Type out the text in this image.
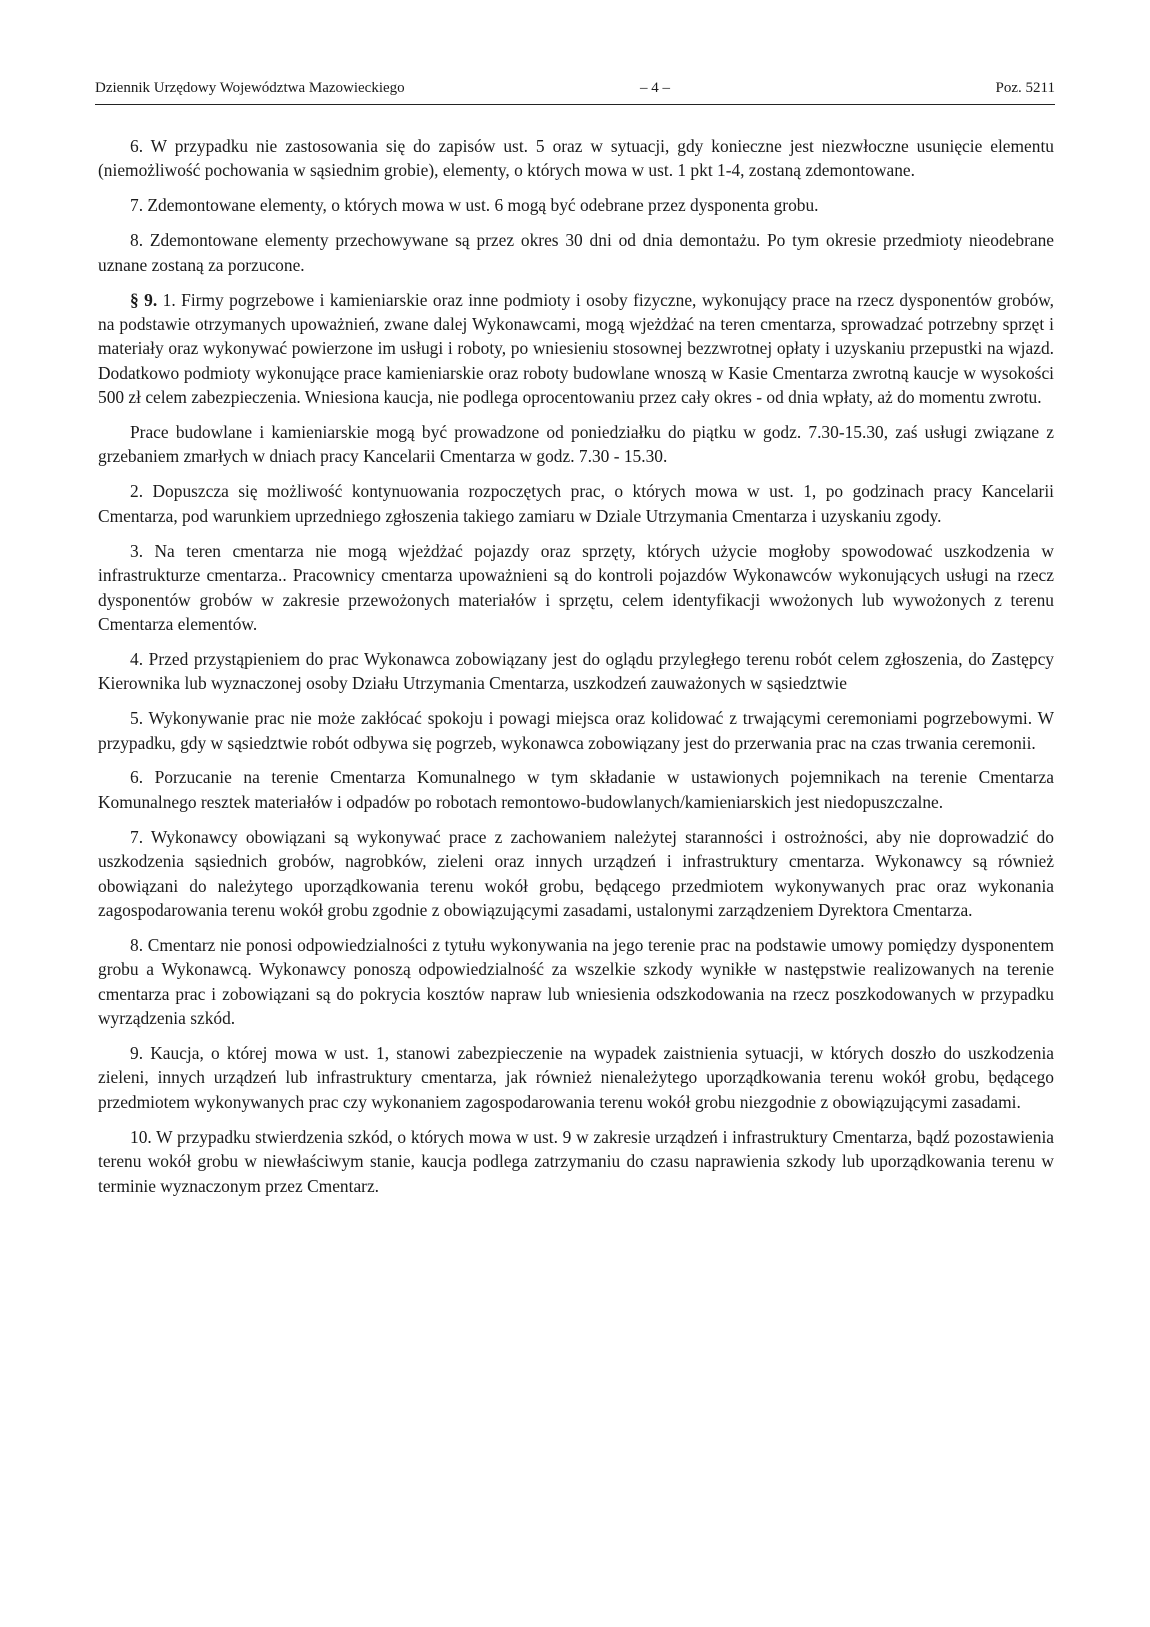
Dziennik Urzędowy Województwa Mazowieckiego	– 4 –	Poz. 5211

6. W przypadku nie zastosowania się do zapisów ust. 5 oraz w sytuacji, gdy konieczne jest niezwłoczne usunięcie elementu (niemożliwość pochowania w sąsiednim grobie), elementy, o których mowa w ust. 1 pkt 1-4, zostaną zdemontowane.

7. Zdemontowane elementy, o których mowa w ust. 6 mogą być odebrane przez dysponenta grobu.

8. Zdemontowane elementy przechowywane są przez okres 30 dni od dnia demontażu. Po tym okresie przedmioty nieodebrane uznane zostaną za porzucone.

§ 9. 1. Firmy pogrzebowe i kamieniarskie oraz inne podmioty i osoby fizyczne, wykonujący prace na rzecz dysponentów grobów, na podstawie otrzymanych upoważnień, zwane dalej Wykonawcami, mogą wjeżdżać na teren cmentarza, sprowadzać potrzebny sprzęt i materiały oraz wykonywać powierzone im usługi i roboty, po wniesieniu stosownej bezzwrotnej opłaty i uzyskaniu przepustki na wjazd. Dodatkowo podmioty wykonujące prace kamieniarskie oraz roboty budowlane wnoszą w Kasie Cmentarza zwrotną kaucje w wysokości 500 zł celem zabezpieczenia. Wniesiona kaucja, nie podlega oprocentowaniu przez cały okres - od dnia wpłaty, aż do momentu zwrotu.

Prace budowlane i kamieniarskie mogą być prowadzone od poniedziałku do piątku w godz. 7.30-15.30, zaś usługi związane z grzebaniem zmarłych w dniach pracy Kancelarii Cmentarza w godz. 7.30 - 15.30.

2. Dopuszcza się możliwość kontynuowania rozpoczętych prac, o których mowa w ust. 1, po godzinach pracy Kancelarii Cmentarza, pod warunkiem uprzedniego zgłoszenia takiego zamiaru w Dziale Utrzymania Cmentarza i uzyskaniu zgody.

3. Na teren cmentarza nie mogą wjeżdżać pojazdy oraz sprzęty, których użycie mogłoby spowodować uszkodzenia w infrastrukturze cmentarza.. Pracownicy cmentarza upoważnieni są do kontroli pojazdów Wykonawców wykonujących usługi na rzecz dysponentów grobów w zakresie przewożonych materiałów i sprzętu, celem identyfikacji wwożonych lub wywożonych z terenu Cmentarza elementów.

4. Przed przystąpieniem do prac Wykonawca zobowiązany jest do oglądu przyległego terenu robót celem zgłoszenia, do Zastępcy Kierownika lub wyznaczonej osoby Działu Utrzymania Cmentarza, uszkodzeń zauważonych w sąsiedztwie

5. Wykonywanie prac nie może zakłócać spokoju i powagi miejsca oraz kolidować z trwającymi ceremoniami pogrzebowymi. W przypadku, gdy w sąsiedztwie robót odbywa się pogrzeb, wykonawca zobowiązany jest do przerwania prac na czas trwania ceremonii.

6. Porzucanie na terenie Cmentarza Komunalnego w tym składanie w ustawionych pojemnikach na terenie Cmentarza Komunalnego resztek materiałów i odpadów po robotach remontowo-budowlanych/kamieniarskich jest niedopuszczalne.

7. Wykonawcy obowiązani są wykonywać prace z zachowaniem należytej staranności i ostrożności, aby nie doprowadzić do uszkodzenia sąsiednich grobów, nagrobków, zieleni oraz innych urządzeń i infrastruktury cmentarza. Wykonawcy są również obowiązani do należytego uporządkowania terenu wokół grobu, będącego przedmiotem wykonywanych prac oraz wykonania zagospodarowania terenu wokół grobu zgodnie z obowiązującymi zasadami, ustalonymi zarządzeniem Dyrektora Cmentarza.

8. Cmentarz nie ponosi odpowiedzialności z tytułu wykonywania na jego terenie prac na podstawie umowy pomiędzy dysponentem grobu a Wykonawcą. Wykonawcy ponoszą odpowiedzialność za wszelkie szkody wynikłe w następstwie realizowanych na terenie cmentarza prac i zobowiązani są do pokrycia kosztów napraw lub wniesienia odszkodowania na rzecz poszkodowanych w przypadku wyrządzenia szkód.

9. Kaucja, o której mowa w ust. 1, stanowi zabezpieczenie na wypadek zaistnienia sytuacji, w których doszło do uszkodzenia zieleni, innych urządzeń lub infrastruktury cmentarza, jak również nienależytego uporządkowania terenu wokół grobu, będącego przedmiotem wykonywanych prac czy wykonaniem zagospodarowania terenu wokół grobu niezgodnie z obowiązującymi zasadami.

10. W przypadku stwierdzenia szkód, o których mowa w ust. 9 w zakresie urządzeń i infrastruktury Cmentarza, bądź pozostawienia terenu wokół grobu w niewłaściwym stanie, kaucja podlega zatrzymaniu do czasu naprawienia szkody lub uporządkowania terenu w terminie wyznaczonym przez Cmentarz.
